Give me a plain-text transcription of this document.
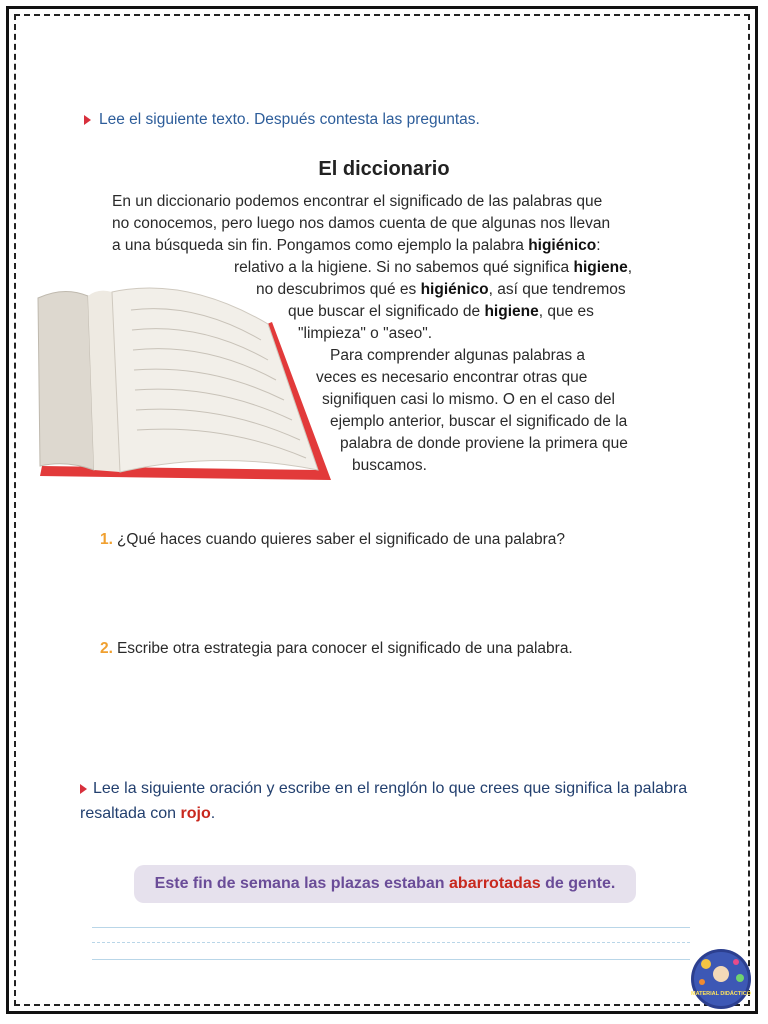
Lee el siguiente texto. Después contesta las preguntas.
El diccionario
En un diccionario podemos encontrar el significado de las palabras que
no conocemos, pero luego nos damos cuenta de que algunas nos llevan
a una búsqueda sin fin. Pongamos como ejemplo la palabra higiénico:
relativo a la higiene. Si no sabemos qué significa higiene,
no descubrimos qué es higiénico, así que tendremos
que buscar el significado de higiene, que es
"limpieza" o "aseo".
Para comprender algunas palabras a
veces es necesario encontrar otras que
signifiquen casi lo mismo. O en el caso del
ejemplo anterior, buscar el significado de la
palabra de donde proviene la primera que
buscamos.
1. ¿Qué haces cuando quieres saber el significado de una palabra?
2. Escribe otra estrategia para conocer el significado de una palabra.
Lee la siguiente oración y escribe en el renglón lo que crees que significa la palabra resaltada con rojo.
Este fin de semana las plazas estaban abarrotadas de gente.
MATERIAL DIDÁCTICO
